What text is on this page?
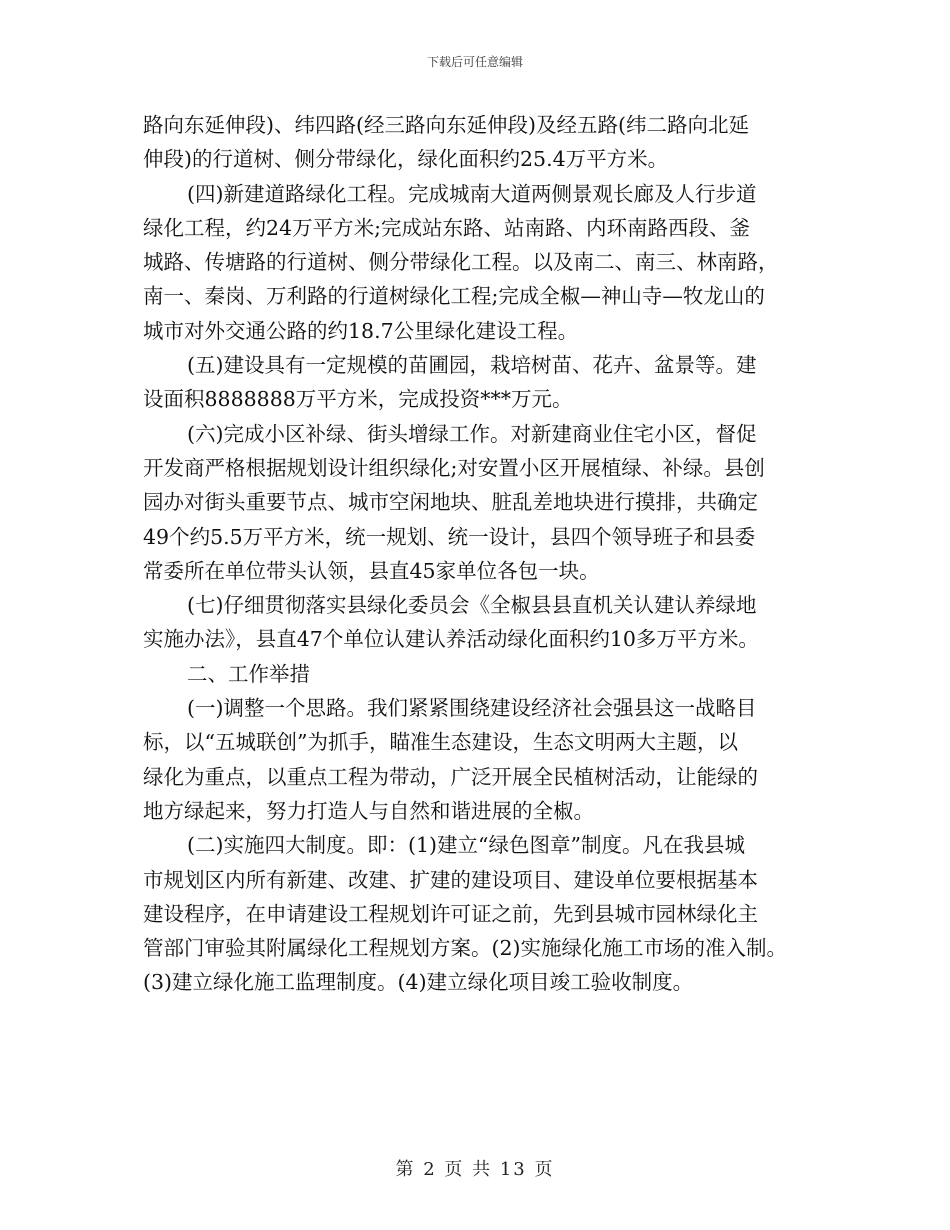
下载后可任意编辑
路向东延伸段)、纬四路(经三路向东延伸段)及经五路(纬二路向北延
伸段)的行道树、侧分带绿化，绿化面积约25.4万平方米。
(四)新建道路绿化工程。完成城南大道两侧景观长廊及人行步道
绿化工程，约24万平方米;完成站东路、站南路、内环南路西段、釜
城路、传塘路的行道树、侧分带绿化工程。以及南二、南三、林南路，
南一、秦岗、万利路的行道树绿化工程;完成全椒—神山寺—牧龙山的
城市对外交通公路的约18.7公里绿化建设工程。
(五)建设具有一定规模的苗圃园，栽培树苗、花卉、盆景等。建
设面积8888888万平方米，完成投资***万元。
(六)完成小区补绿、街头增绿工作。对新建商业住宅小区，督促
开发商严格根据规划设计组织绿化;对安置小区开展植绿、补绿。县创
园办对街头重要节点、城市空闲地块、脏乱差地块进行摸排，共确定
49个约5.5万平方米，统一规划、统一设计，县四个领导班子和县委
常委所在单位带头认领，县直45家单位各包一块。
(七)仔细贯彻落实县绿化委员会《全椒县县直机关认建认养绿地
实施办法》，县直47个单位认建认养活动绿化面积约10多万平方米。
二、工作举措
(一)调整一个思路。我们紧紧围绕建设经济社会强县这一战略目
标，以“五城联创”为抓手，瞄准生态建设，生态文明两大主题，以
绿化为重点，以重点工程为带动，广泛开展全民植树活动，让能绿的
地方绿起来，努力打造人与自然和谐进展的全椒。
(二)实施四大制度。即：(1)建立“绿色图章”制度。凡在我县城
市规划区内所有新建、改建、扩建的建设项目、建设单位要根据基本
建设程序，在申请建设工程规划许可证之前，先到县城市园林绿化主
管部门审验其附属绿化工程规划方案。(2)实施绿化施工市场的准入制。
(3)建立绿化施工监理制度。(4)建立绿化项目竣工验收制度。
第 2 页 共 13 页
